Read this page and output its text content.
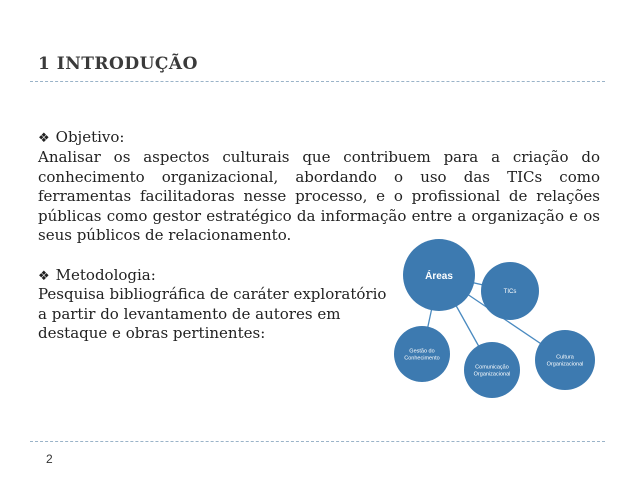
1 INTRODUÇÃO
❖ Objetivo:
Analisar os aspectos culturais que contribuem para a criação do conhecimento organizacional, abordando o uso das TICs como ferramentas facilitadoras nesse processo, e o profissional de relações públicas como gestor estratégico da informação entre a organização e os seus públicos de relacionamento.
❖ Metodologia:
Pesquisa bibliográfica de caráter exploratório
a partir do levantamento de autores em
destaque e obras pertinentes:
TICs
Gestão do
Conhecimento
Comunicação
Organizacional
Cultura
Organizacional
Áreas
2
